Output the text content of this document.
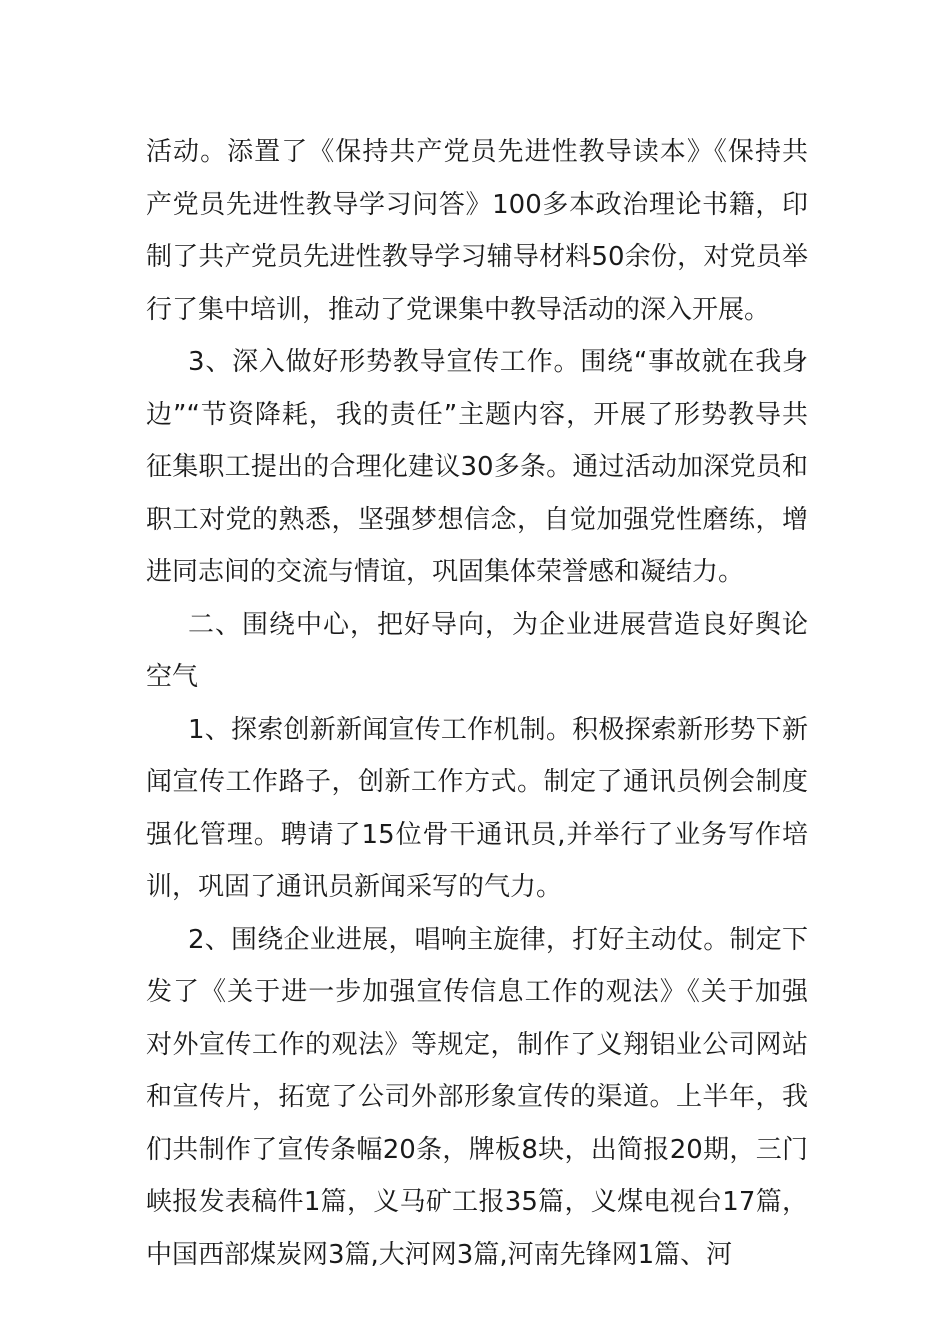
活动。添置了《保持共产党员先进性教导读本》《保持共产党员先进性教导学习问答》100多本政治理论书籍，印制了共产党员先进性教导学习辅导材料50余份，对党员举行了集中培训，推动了党课集中教导活动的深入开展。

3、深入做好形势教导宣传工作。围绕“事故就在我身边”“节资降耗，我的责任”主题内容，开展了形势教导共征集职工提出的合理化建议30多条。通过活动加深党员和职工对党的熟悉，坚强梦想信念，自觉加强党性磨练，增进同志间的交流与情谊，巩固集体荣誉感和凝结力。

二、围绕中心，把好导向，为企业进展营造良好舆论空气

1、探索创新新闻宣传工作机制。积极探索新形势下新闻宣传工作路子，创新工作方式。制定了通讯员例会制度强化管理。聘请了15位骨干通讯员,并举行了业务写作培训，巩固了通讯员新闻采写的气力。

2、围绕企业进展，唱响主旋律，打好主动仗。制定下发了《关于进一步加强宣传信息工作的观法》《关于加强对外宣传工作的观法》等规定，制作了义翔铝业公司网站和宣传片，拓宽了公司外部形象宣传的渠道。上半年，我们共制作了宣传条幅20条，牌板8块，出简报20期，三门峡报发表稿件1篇，义马矿工报35篇，义煤电视台17篇，中国西部煤炭网3篇,大河网3篇,河南先锋网1篇、河
